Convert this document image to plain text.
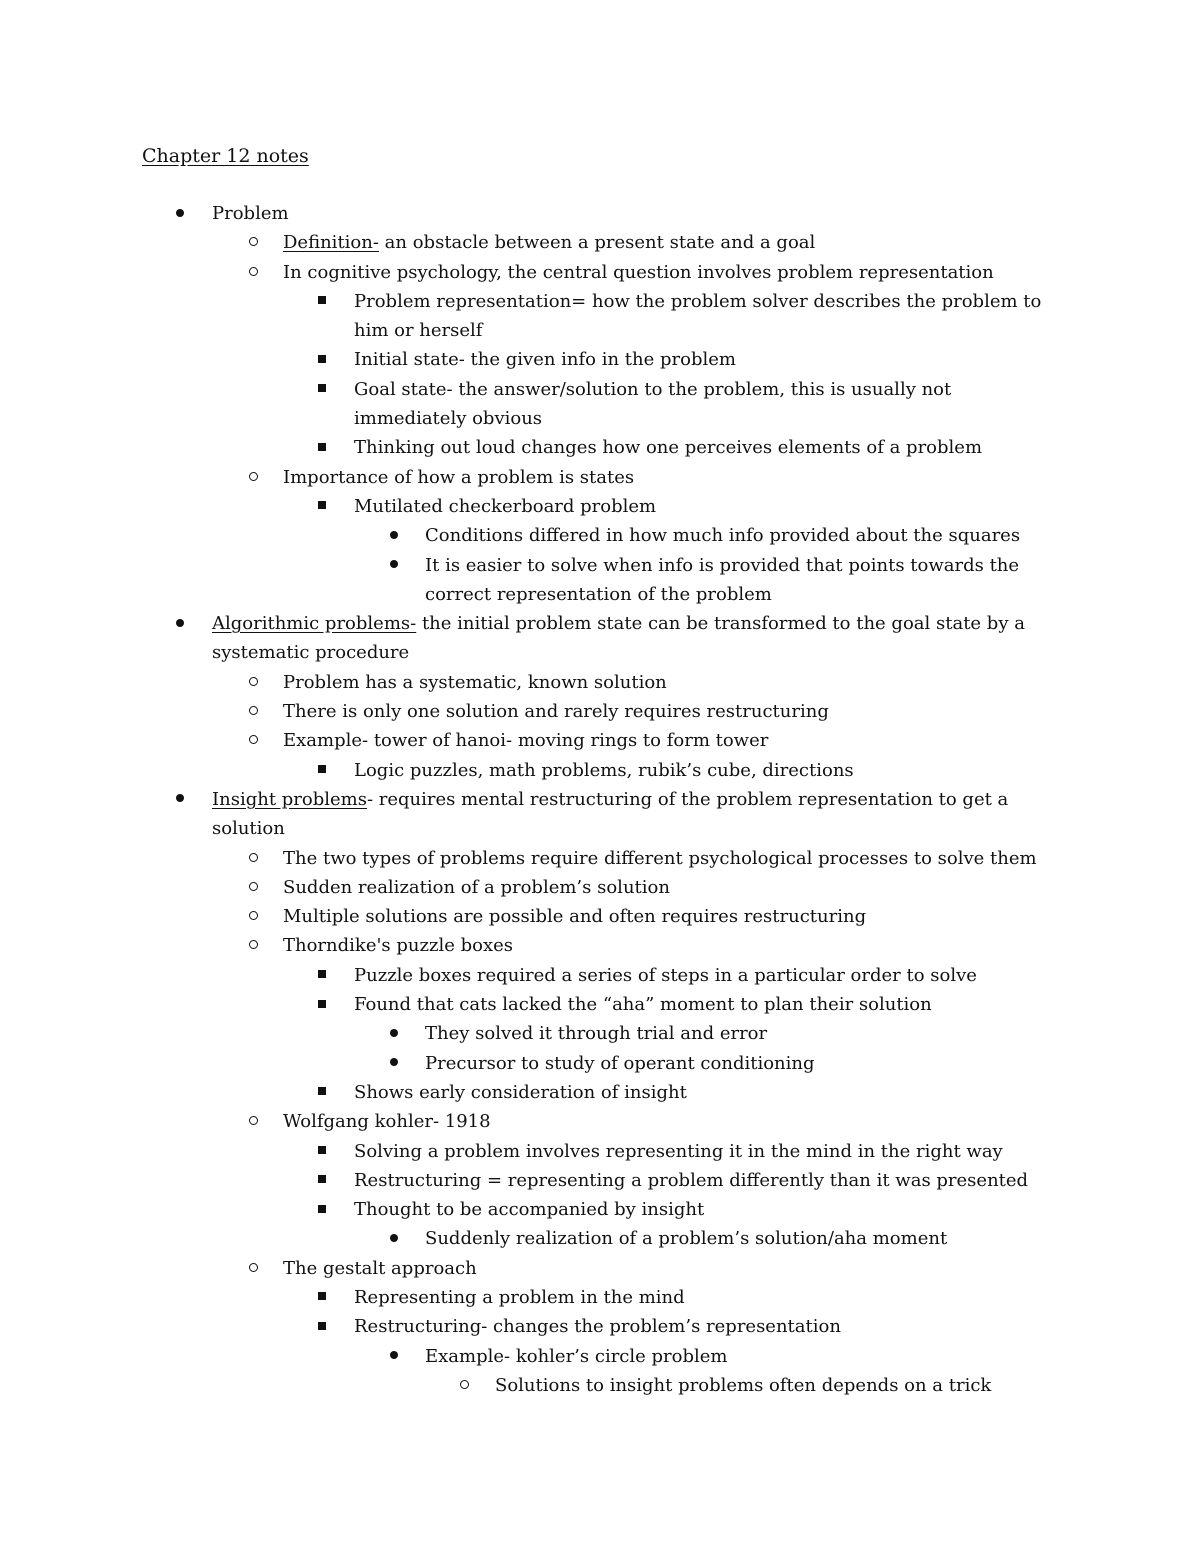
Chapter 12 notes
Problem
Definition- an obstacle between a present state and a goal
In cognitive psychology, the central question involves problem representation
Problem representation= how the problem solver describes the problem to him or herself
Initial state- the given info in the problem
Goal state- the answer/solution to the problem, this is usually not immediately obvious
Thinking out loud changes how one perceives elements of a problem
Importance of how a problem is states
Mutilated checkerboard problem
Conditions differed in how much info provided about the squares
It is easier to solve when info is provided that points towards the correct representation of the problem
Algorithmic problems- the initial problem state can be transformed to the goal state by a systematic procedure
Problem has a systematic, known solution
There is only one solution and rarely requires restructuring
Example- tower of hanoi- moving rings to form tower
Logic puzzles, math problems, rubik’s cube, directions
Insight problems- requires mental restructuring of the problem representation to get a solution
The two types of problems require different psychological processes to solve them
Sudden realization of a problem’s solution
Multiple solutions are possible and often requires restructuring
Thorndike's puzzle boxes
Puzzle boxes required a series of steps in a particular order to solve
Found that cats lacked the “aha” moment to plan their solution
They solved it through trial and error
Precursor to study of operant conditioning
Shows early consideration of insight
Wolfgang kohler- 1918
Solving a problem involves representing it in the mind in the right way
Restructuring = representing a problem differently than it was presented
Thought to be accompanied by insight
Suddenly realization of a problem’s solution/aha moment
The gestalt approach
Representing a problem in the mind
Restructuring- changes the problem’s representation
Example- kohler’s circle problem
Solutions to insight problems often depends on a trick
